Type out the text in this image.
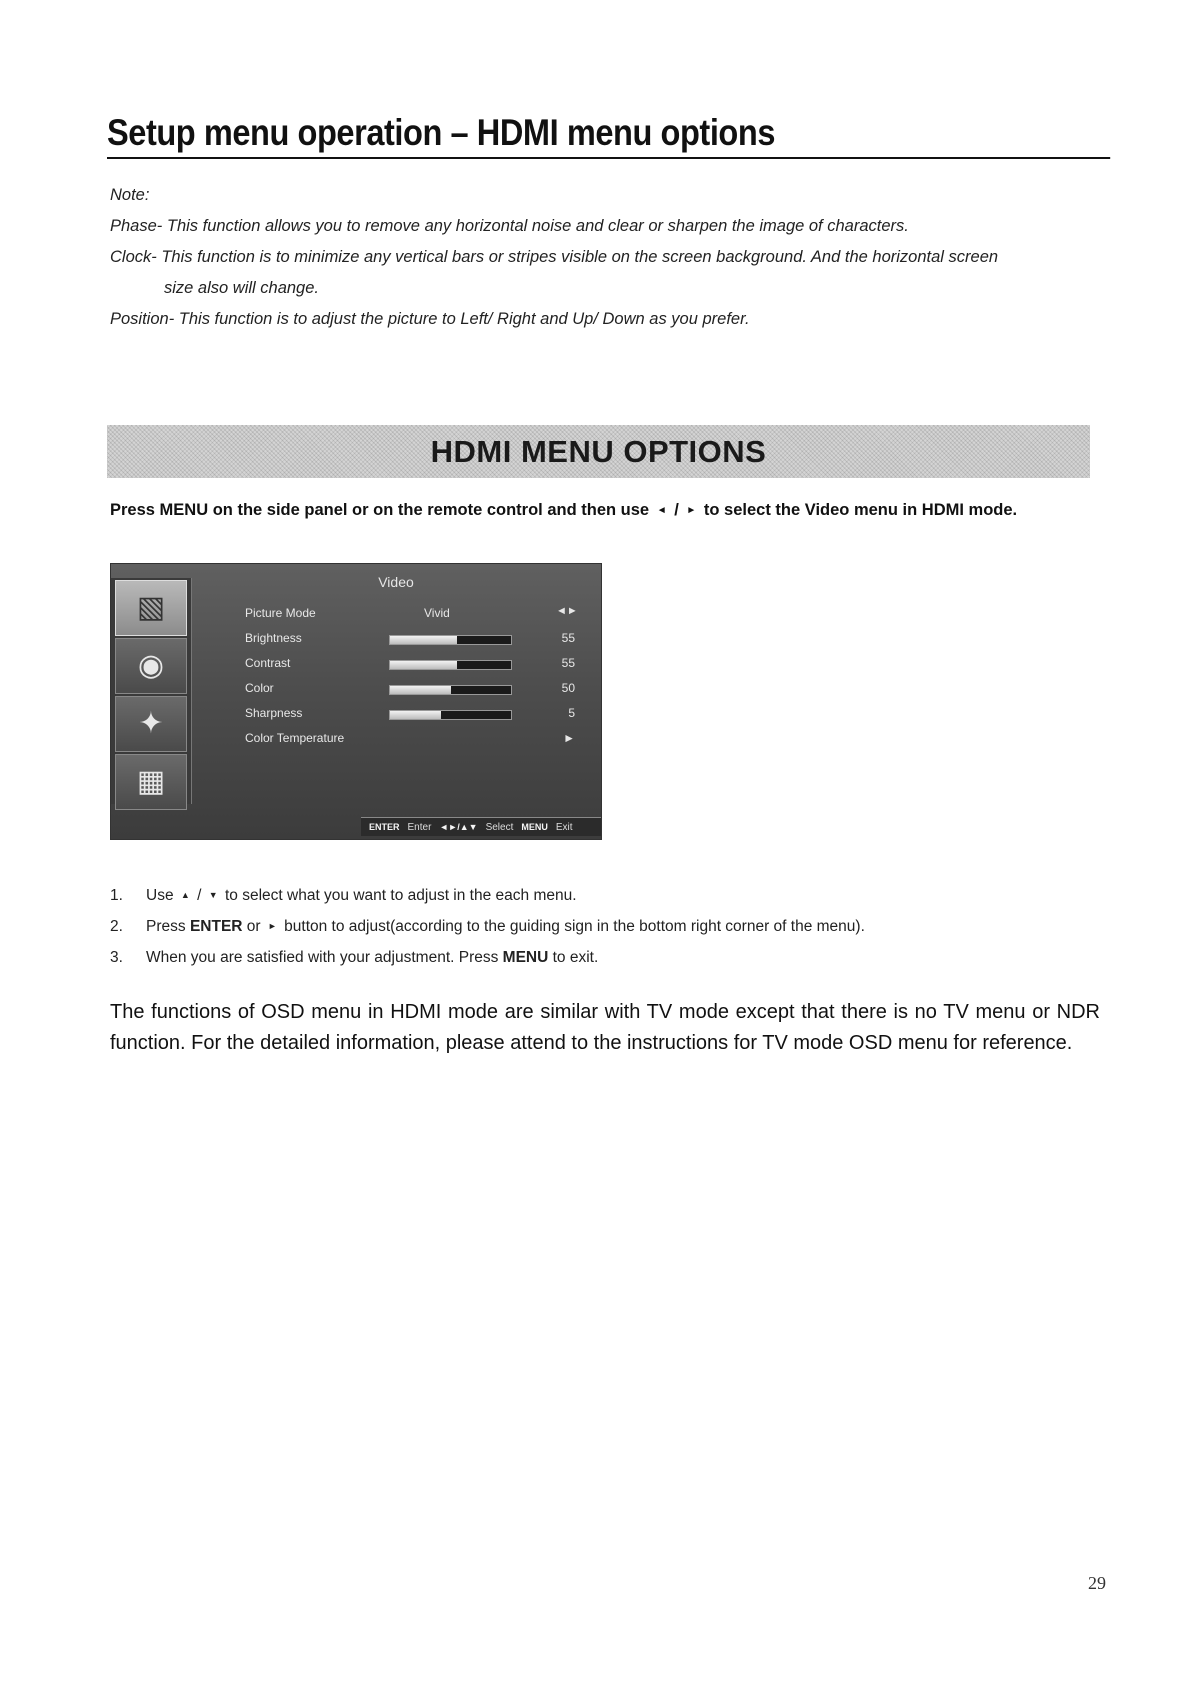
Setup menu operation – HDMI menu options

Note:

Phase- This function allows you to remove any horizontal noise and clear or sharpen the image of characters.

Clock- This function is to minimize any vertical bars or stripes visible on the screen background. And the horizontal screen

size also will change.

Position- This function is to adjust the picture to Left/ Right and Up/ Down as you prefer.

HDMI MENU OPTIONS
Press MENU on the side panel or on the remote control and then use ◄ / ► to select the Video menu in HDMI mode.
▧
◉
✦
▦
Video
Picture Mode	Vivid	◄►
Brightness	55
Contrast	55
Color	50
Sharpness	5
Color Temperature	►
ENTER Enter ◄►/▲▼ Select MENU Exit
1. Use ▲ / ▼ to select what you want to adjust in the each menu.
2. Press ENTER or ► button to adjust(according to the guiding sign in the bottom right corner of the menu).
3. When you are satisfied with your adjustment. Press MENU to exit.

The functions of OSD menu in HDMI mode are similar with TV mode except that there is no TV menu or NDR function. For the detailed information, please attend to the instructions for TV mode OSD menu for reference.

29
